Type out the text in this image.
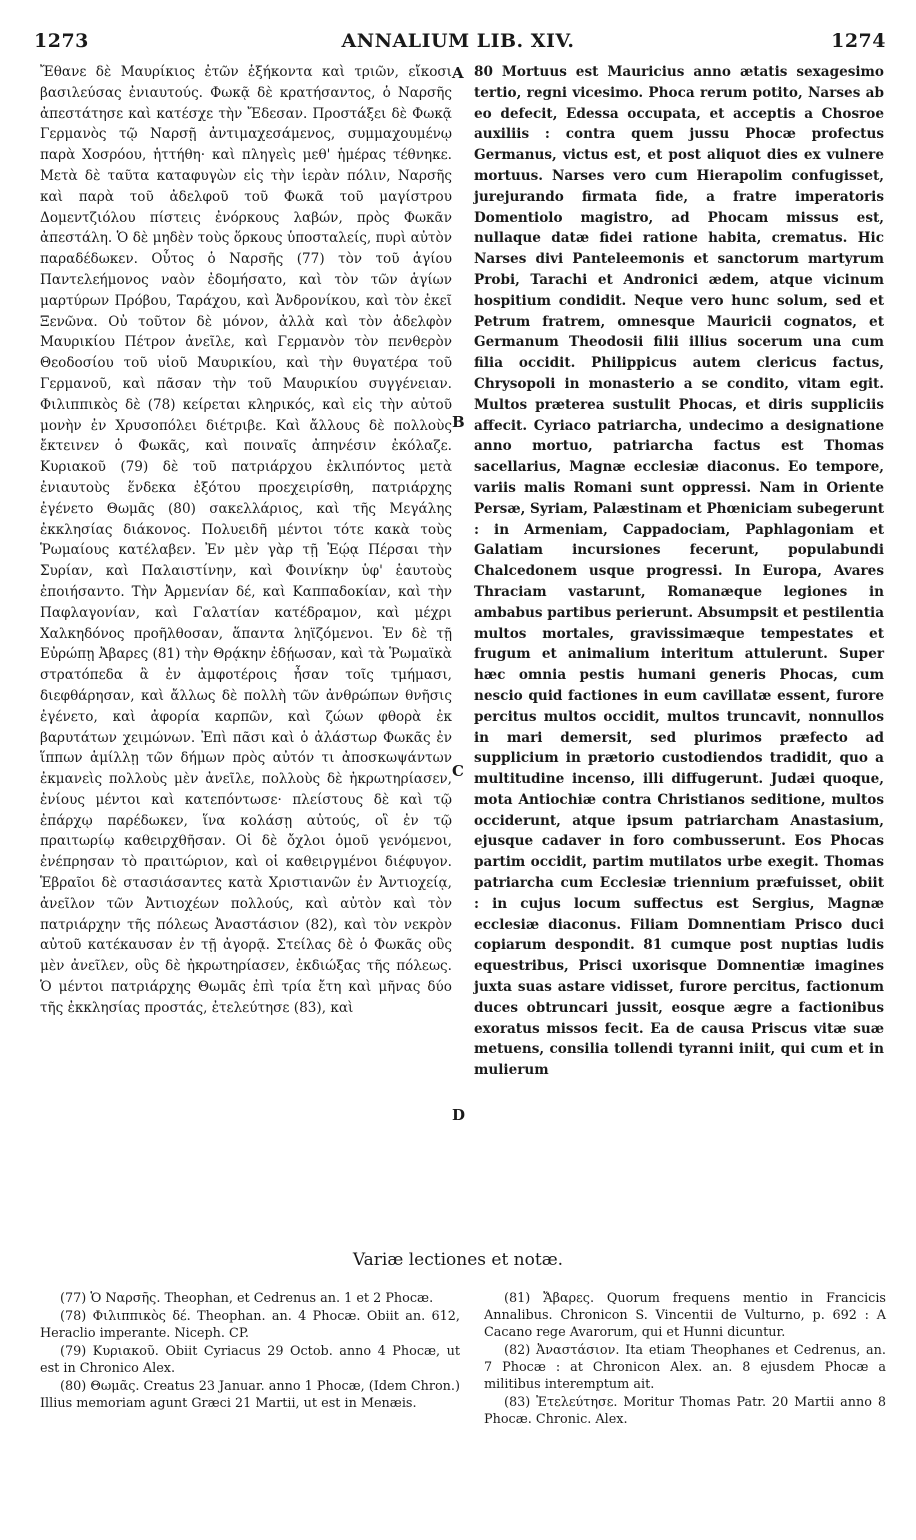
1273	ANNALIUM LIB. XIV.	1274

Ἔθανε δὲ Μαυρίκιος ἐτῶν ἑξήκοντα καὶ τριῶν, εἴκοσι βασιλεύσας ἐνιαυτούς. Φωκᾷ δὲ κρατήσαντος, ὁ Ναρσῆς ἀπεστάτησε καὶ κατέσχε τὴν Ἔδεσαν. Προστάξει δὲ Φωκᾷ Γερμανὸς τῷ Ναρσῇ ἀντιμαχεσάμενος, συμμαχουμένῳ παρὰ Χοσρόου, ἡττήθη· καὶ πληγεὶς μεθ' ἡμέρας τέθνηκε. Μετὰ δὲ ταῦτα καταφυγὼν εἰς τὴν ἱερὰν πόλιν, Ναρσῆς καὶ παρὰ τοῦ ἀδελφοῦ τοῦ Φωκᾶ τοῦ μαγίστρου Δομεντζιόλου πίστεις ἐνόρκους λαβών, πρὸς Φωκᾶν ἀπεστάλη. Ὁ δὲ μηδὲν τοὺς ὅρκους ὑποσταλείς, πυρὶ αὐτὸν παραδέδωκεν. Οὗτος ὁ Ναρσῆς (77) τὸν τοῦ ἁγίου Παντελεήμονος ναὸν ἐδομήσατο, καὶ τὸν τῶν ἁγίων μαρτύρων Πρόβου, Ταράχου, καὶ Ἀνδρονίκου, καὶ τὸν ἐκεῖ Ξενῶνα. Οὐ τοῦτον δὲ μόνον, ἀλλὰ καὶ τὸν ἀδελφὸν Μαυρικίου Πέτρον ἀνεῖλε, καὶ Γερμανὸν τὸν πενθερὸν Θεοδοσίου τοῦ υἱοῦ Μαυρικίου, καὶ τὴν θυγατέρα τοῦ Γερμανοῦ, καὶ πᾶσαν τὴν τοῦ Μαυρικίου συγγένειαν. Φιλιππικὸς δὲ (78) κείρεται κληρικός, καὶ εἰς τὴν αὐτοῦ μονὴν ἐν Χρυσοπόλει διέτριβε. Καὶ ἄλλους δὲ πολλοὺς ἔκτεινεν ὁ Φωκᾶς, καὶ ποιναῖς ἀπηνέσιν ἐκόλαζε. Κυριακοῦ (79) δὲ τοῦ πατριάρχου ἐκλιπόντος μετὰ ἐνιαυτοὺς ἕνδεκα ἐξότου προεχειρίσθη, πατριάρχης ἐγένετο Θωμᾶς (80) σακελλάριος, καὶ τῆς Μεγάλης ἐκκλησίας διάκονος. Πολυειδῆ μέντοι τότε κακὰ τοὺς Ῥωμαίους κατέλαβεν. Ἐν μὲν γὰρ τῇ Ἑῴᾳ Πέρσαι τὴν Συρίαν, καὶ Παλαιστίνην, καὶ Φοινίκην ὑφ' ἑαυτοὺς ἐποιήσαντο. Τὴν Ἀρμενίαν δέ, καὶ Καππαδοκίαν, καὶ τὴν Παφλαγονίαν, καὶ Γαλατίαν κατέδραμον, καὶ μέχρι Χαλκηδόνος προῆλθοσαν, ἅπαντα ληϊζόμενοι. Ἐν δὲ τῇ Εὐρώπῃ Ἀβαρες (81) τὴν Θρᾴκην ἐδῄωσαν, καὶ τὰ Ῥωμαϊκὰ στρατόπεδα ἃ ἐν ἀμφοτέροις ἦσαν τοῖς τμήμασι, διεφθάρησαν, καὶ ἄλλως δὲ πολλὴ τῶν ἀνθρώπων θνῆσις ἐγένετο, καὶ ἀφορία καρπῶν, καὶ ζώων φθορὰ ἐκ βαρυτάτων χειμώνων. Ἐπὶ πᾶσι καὶ ὁ ἀλάστωρ Φωκᾶς ἐν ἵππων ἁμίλλῃ τῶν δήμων πρὸς αὐτόν τι ἀποσκωψάντων ἐκμανεὶς πολλοὺς μὲν ἀνεῖλε, πολλοὺς δὲ ἠκρωτηρίασεν, ἐνίους μέντοι καὶ κατεπόντωσε· πλείστους δὲ καὶ τῷ ἐπάρχῳ παρέδωκεν, ἵνα κολάσῃ αὐτούς, οἳ ἐν τῷ πραιτωρίῳ καθειρχθῆσαν. Οἱ δὲ ὄχλοι ὁμοῦ γενόμενοι, ἐνέπρησαν τὸ πραιτώριον, καὶ οἱ καθειργμένοι διέφυγον. Ἑβραῖοι δὲ στασιάσαντες κατὰ Χριστιανῶν ἐν Ἀντιοχείᾳ, ἀνεῖλον τῶν Ἀντιοχέων πολλούς, καὶ αὐτὸν καὶ τὸν πατριάρχην τῆς πόλεως Ἀναστάσιον (82), καὶ τὸν νεκρὸν αὐτοῦ κατέκαυσαν ἐν τῇ ἀγορᾷ. Στείλας δὲ ὁ Φωκᾶς οὓς μὲν ἀνεῖλεν, οὓς δὲ ἠκρωτηρίασεν, ἐκδιώξας τῆς πόλεως. Ὁ μέντοι πατριάρχης Θωμᾶς ἐπὶ τρία ἔτη καὶ μῆνας δύο τῆς ἐκκλησίας προστάς, ἐτελεύτησε (83), καὶ

A
B
C
D

80 Mortuus est Mauricius anno ætatis sexagesimo tertio, regni vicesimo. Phoca rerum potito, Narses ab eo defecit, Edessa occupata, et acceptis a Chosroe auxiliis : contra quem jussu Phocæ profectus Germanus, victus est, et post aliquot dies ex vulnere mortuus. Narses vero cum Hierapolim confugisset, jurejurando firmata fide, a fratre imperatoris Domentiolo magistro, ad Phocam missus est, nullaque datæ fidei ratione habita, crematus. Hic Narses divi Panteleemonis et sanctorum martyrum Probi, Tarachi et Andronici ædem, atque vicinum hospitium condidit. Neque vero hunc solum, sed et Petrum fratrem, omnesque Mauricii cognatos, et Germanum Theodosii filii illius socerum una cum filia occidit. Philippicus autem clericus factus, Chrysopoli in monasterio a se condito, vitam egit. Multos præterea sustulit Phocas, et diris suppliciis affecit. Cyriaco patriarcha, undecimo a designatione anno mortuo, patriarcha factus est Thomas sacellarius, Magnæ ecclesiæ diaconus. Eo tempore, variis malis Romani sunt oppressi. Nam in Oriente Persæ, Syriam, Palæstinam et Phœniciam subegerunt : in Armeniam, Cappadociam, Paphlagoniam et Galatiam incursiones fecerunt, populabundi Chalcedonem usque progressi. In Europa, Avares Thraciam vastarunt, Romanæque legiones in ambabus partibus perierunt. Absumpsit et pestilentia multos mortales, gravissimæque tempestates et frugum et animalium interitum attulerunt. Super hæc omnia pestis humani generis Phocas, cum nescio quid factiones in eum cavillatæ essent, furore percitus multos occidit, multos truncavit, nonnullos in mari demersit, sed plurimos præfecto ad supplicium in prætorio custodiendos tradidit, quo a multitudine incenso, illi diffugerunt. Judæi quoque, mota Antiochiæ contra Christianos seditione, multos occiderunt, atque ipsum patriarcham Anastasium, ejusque cadaver in foro combusserunt. Eos Phocas partim occidit, partim mutilatos urbe exegit. Thomas patriarcha cum Ecclesiæ triennium præfuisset, obiit : in cujus locum suffectus est Sergius, Magnæ ecclesiæ diaconus. Filiam Domnentiam Prisco duci copiarum despondit. 81 cumque post nuptias ludis equestribus, Prisci uxorisque Domnentiæ imagines juxta suas astare vidisset, furore percitus, factionum duces obtruncari jussit, eosque ægre a factionibus exoratus missos fecit. Ea de causa Priscus vitæ suæ metuens, consilia tollendi tyranni iniit, qui cum et in mulierum

Variæ lectiones et notæ.

(77) Ὁ Ναρσῆς. Theophan, et Cedrenus an. 1 et 2 Phocæ.

(78) Φιλιππικὸς δέ. Theophan. an. 4 Phocæ. Obiit an. 612, Heraclio imperante. Niceph. CP.

(79) Κυριακοῦ. Obiit Cyriacus 29 Octob. anno 4 Phocæ, ut est in Chronico Alex.

(80) Θωμᾶς. Creatus 23 Januar. anno 1 Phocæ, (Idem Chron.) Illius memoriam agunt Græci 21 Martii, ut est in Menæis.

(81) Ἄβαρες. Quorum frequens mentio in Francicis Annalibus. Chronicon S. Vincentii de Vulturno, p. 692 : A Cacano rege Avarorum, qui et Hunni dicuntur.

(82) Ἀναστάσιον. Ita etiam Theophanes et Cedrenus, an. 7 Phocæ : at Chronicon Alex. an. 8 ejusdem Phocæ a militibus interemptum ait.

(83) Ἐτελεύτησε. Moritur Thomas Patr. 20 Martii anno 8 Phocæ. Chronic. Alex.
